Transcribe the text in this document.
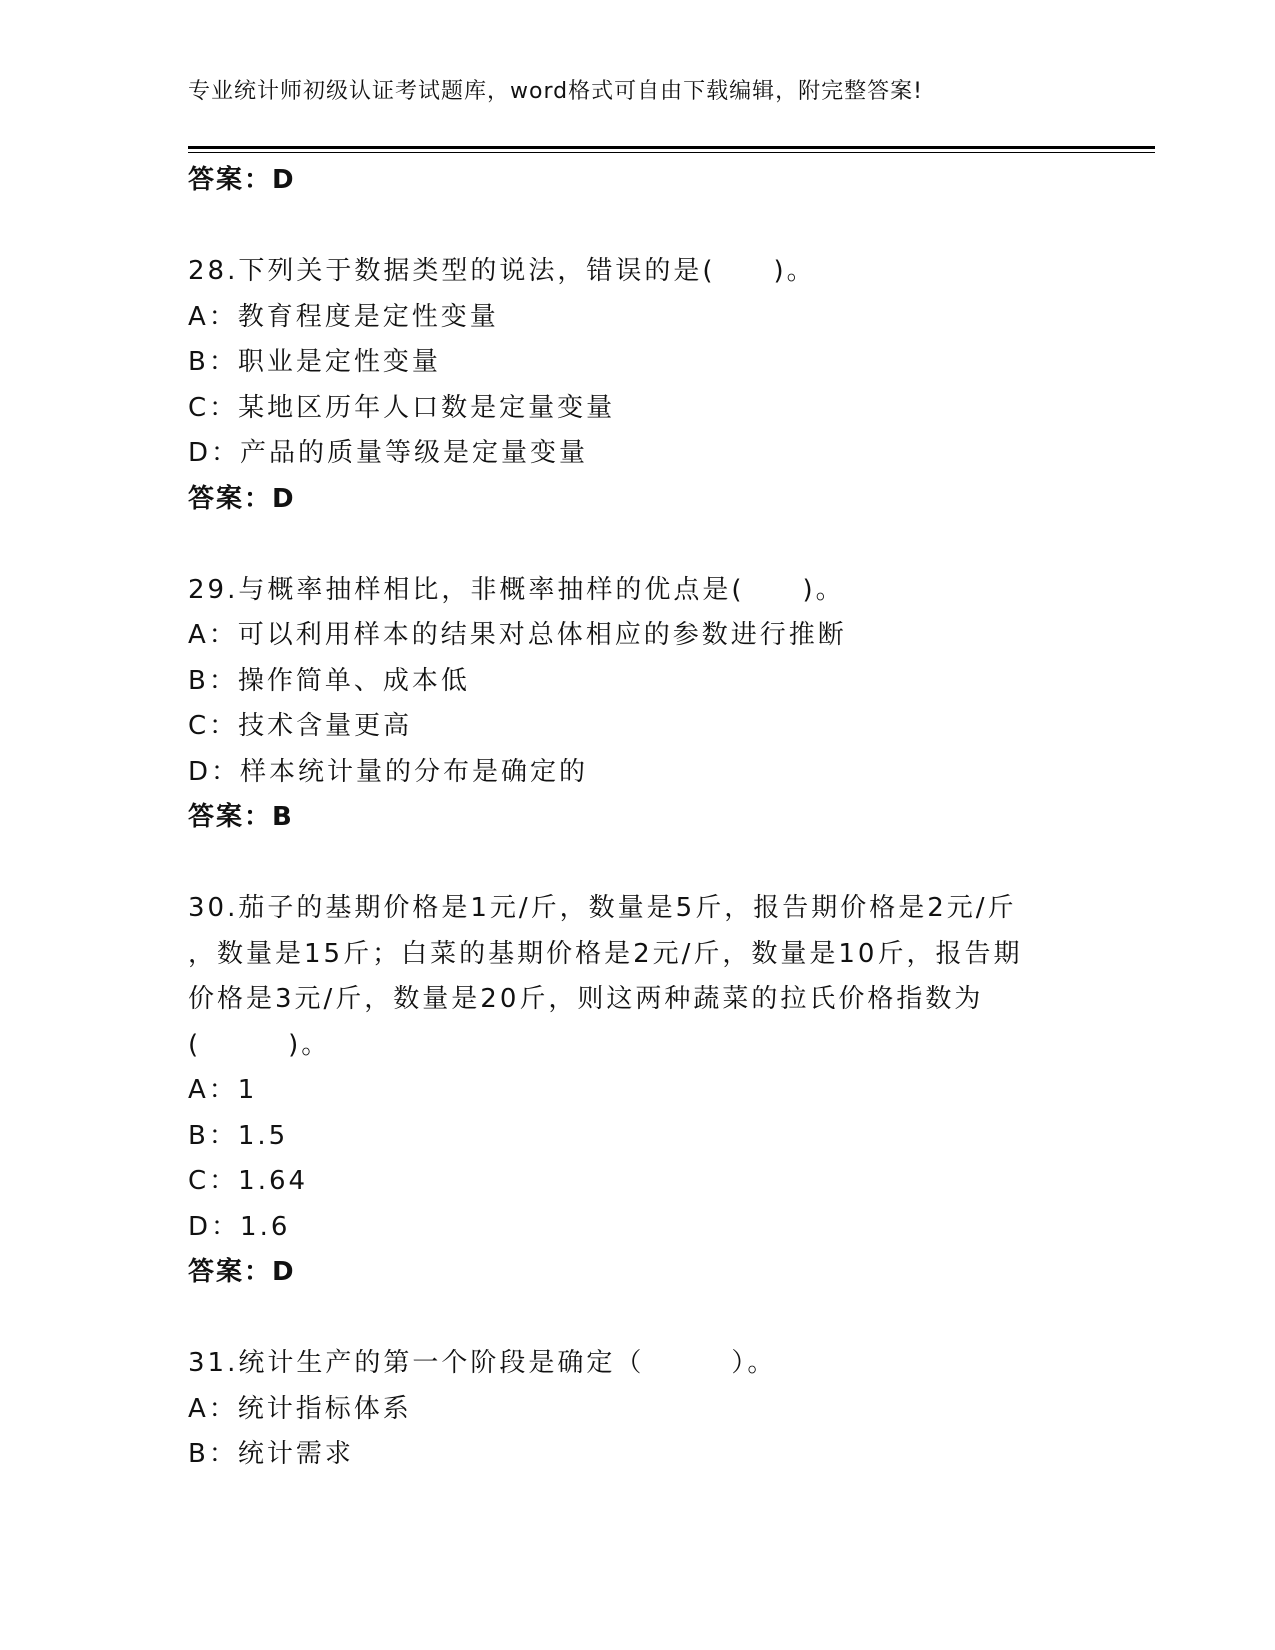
专业统计师初级认证考试题库，word格式可自由下载编辑，附完整答案!
答案：D
28.下列关于数据类型的说法，错误的是(　　)。
A：教育程度是定性变量
B：职业是定性变量
C：某地区历年人口数是定量变量
D：产品的质量等级是定量变量
答案：D
29.与概率抽样相比，非概率抽样的优点是(　　)。
A：可以利用样本的结果对总体相应的参数进行推断
B：操作简单、成本低
C：技术含量更高
D：样本统计量的分布是确定的
答案：B
30.茄子的基期价格是1元/斤，数量是5斤，报告期价格是2元/斤
，数量是15斤；白菜的基期价格是2元/斤，数量是10斤，报告期
价格是3元/斤，数量是20斤，则这两种蔬菜的拉氏价格指数为
(　　　)。
A：1
B：1.5
C：1.64
D：1.6
答案：D
31.统计生产的第一个阶段是确定（　　　）。
A：统计指标体系
B：统计需求
